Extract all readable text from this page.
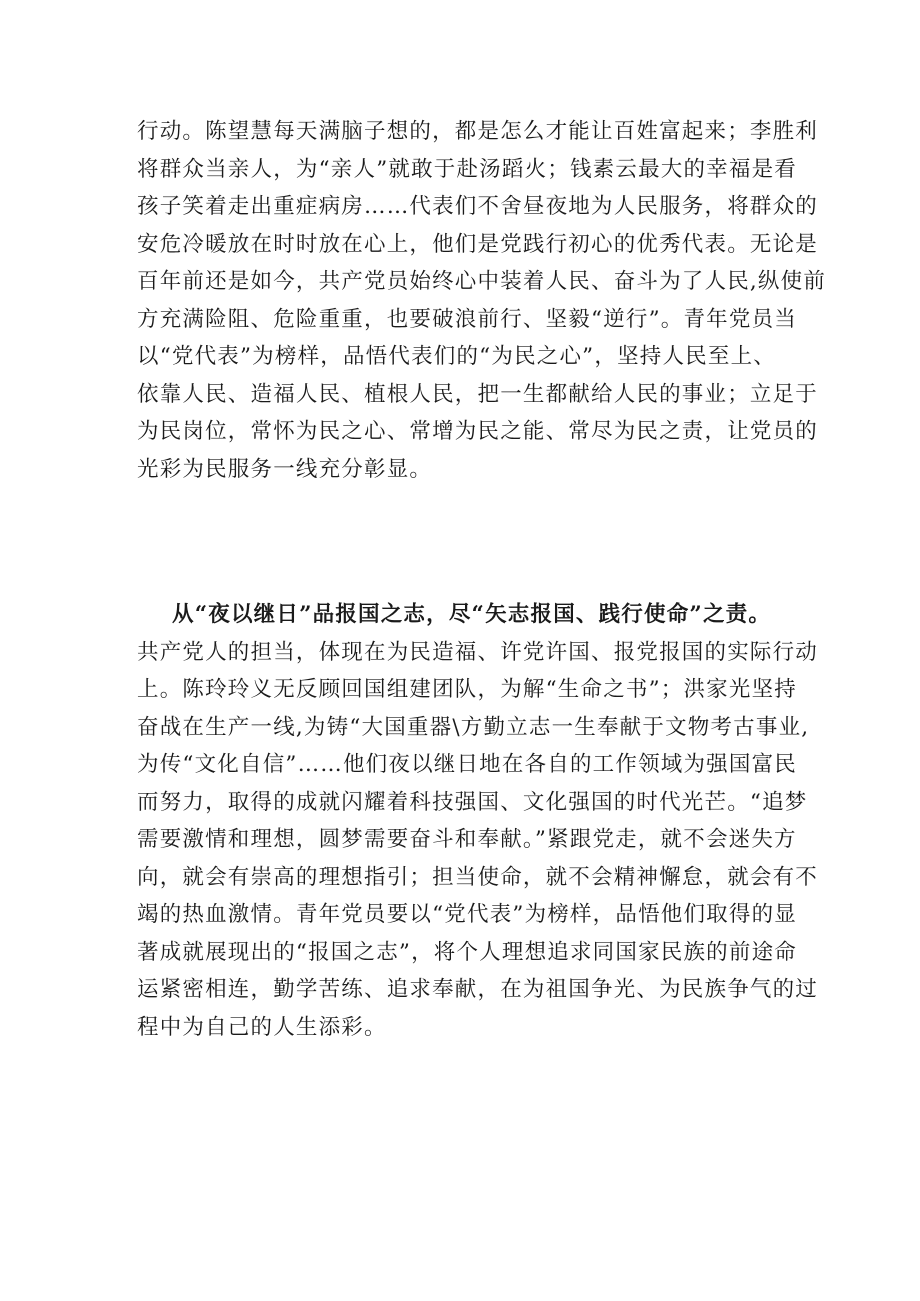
行动。陈望慧每天满脑子想的，都是怎么才能让百姓富起来；李胜利
将群众当亲人，为“亲人”就敢于赴汤蹈火；钱素云最大的幸福是看
孩子笑着走出重症病房……代表们不舍昼夜地为人民服务，将群众的
安危冷暖放在时时放在心上，他们是党践行初心的优秀代表。无论是
百年前还是如今，共产党员始终心中装着人民、奋斗为了人民,纵使前
方充满险阻、危险重重，也要破浪前行、坚毅“逆行”。青年党员当
以“党代表”为榜样，品悟代表们的“为民之心”，坚持人民至上、
依靠人民、造福人民、植根人民，把一生都献给人民的事业；立足于
为民岗位，常怀为民之心、常增为民之能、常尽为民之责，让党员的
光彩为民服务一线充分彰显。
从“夜以继日”品报国之志，尽“矢志报国、践行使命”之责。
共产党人的担当，体现在为民造福、许党许国、报党报国的实际行动
上。陈玲玲义无反顾回国组建团队，为解“生命之书”；洪家光坚持
奋战在生产一线,为铸“大国重器\方勤立志一生奉献于文物考古事业,
为传“文化自信”……他们夜以继日地在各自的工作领域为强国富民
而努力，取得的成就闪耀着科技强国、文化强国的时代光芒。“追梦
需要激情和理想，圆梦需要奋斗和奉献。”紧跟党走，就不会迷失方
向，就会有崇高的理想指引；担当使命，就不会精神懈怠，就会有不
竭的热血激情。青年党员要以“党代表”为榜样，品悟他们取得的显
著成就展现出的“报国之志”，将个人理想追求同国家民族的前途命
运紧密相连，勤学苦练、追求奉献，在为祖国争光、为民族争气的过
程中为自己的人生添彩。
